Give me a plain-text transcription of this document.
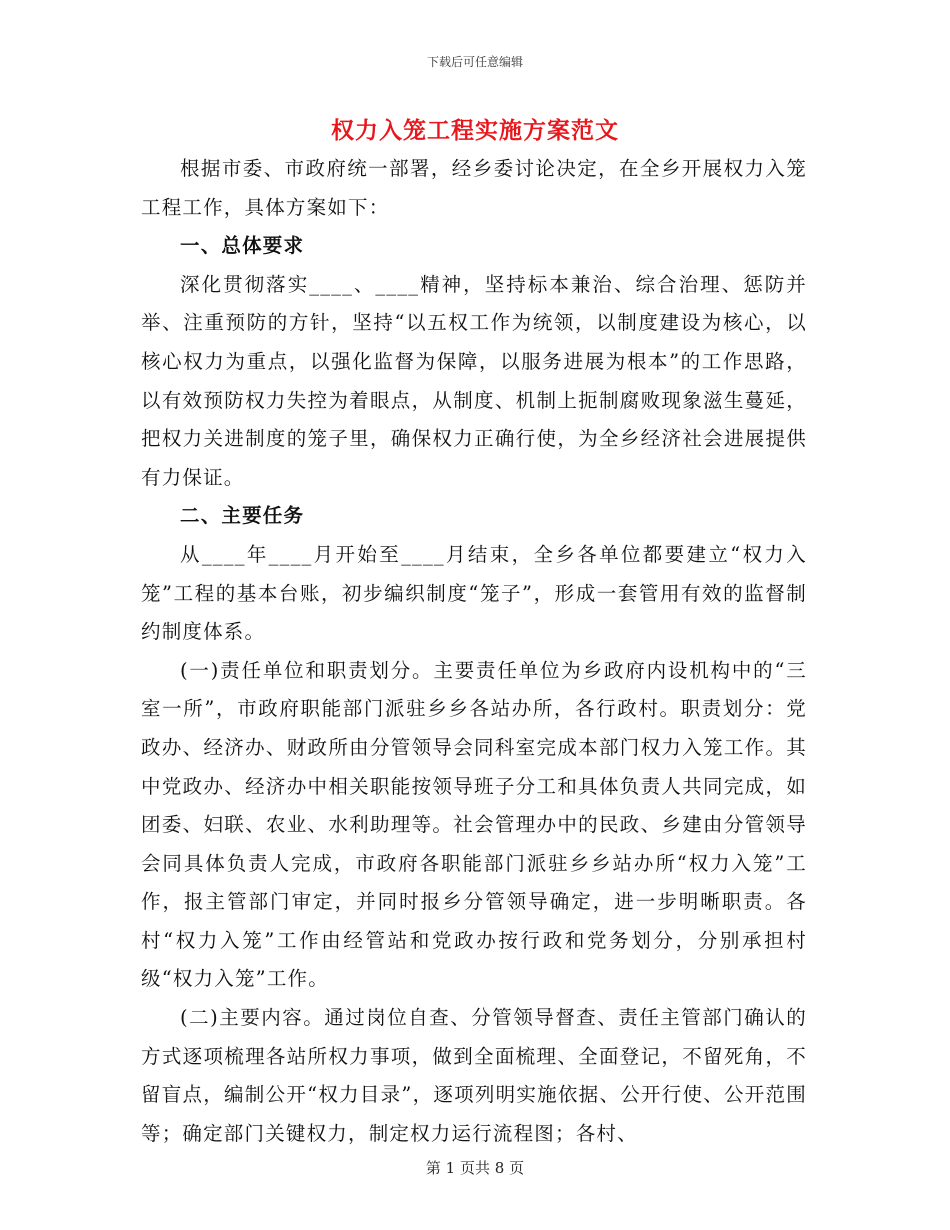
下载后可任意编辑
权力入笼工程实施方案范文

根据市委、市政府统一部署，经乡委讨论决定，在全乡开展权力入笼工程工作，具体方案如下：

一、总体要求

深化贯彻落实____、____精神，坚持标本兼治、综合治理、惩防并举、注重预防的方针，坚持“以五权工作为统领，以制度建设为核心，以核心权力为重点，以强化监督为保障，以服务进展为根本”的工作思路，以有效预防权力失控为着眼点，从制度、机制上扼制腐败现象滋生蔓延，把权力关进制度的笼子里，确保权力正确行使，为全乡经济社会进展提供有力保证。

二、主要任务

从____年____月开始至____月结束，全乡各单位都要建立“权力入笼”工程的基本台账，初步编织制度“笼子”，形成一套管用有效的监督制约制度体系。

(一)责任单位和职责划分。主要责任单位为乡政府内设机构中的“三室一所”，市政府职能部门派驻乡乡各站办所，各行政村。职责划分：党政办、经济办、财政所由分管领导会同科室完成本部门权力入笼工作。其中党政办、经济办中相关职能按领导班子分工和具体负责人共同完成，如团委、妇联、农业、水利助理等。社会管理办中的民政、乡建由分管领导会同具体负责人完成，市政府各职能部门派驻乡乡站办所“权力入笼”工作，报主管部门审定，并同时报乡分管领导确定，进一步明晰职责。各村“权力入笼”工作由经管站和党政办按行政和党务划分，分别承担村级“权力入笼”工作。

(二)主要内容。通过岗位自查、分管领导督查、责任主管部门确认的方式逐项梳理各站所权力事项，做到全面梳理、全面登记，不留死角，不留盲点，编制公开“权力目录”，逐项列明实施依据、公开行使、公开范围等；确定部门关键权力，制定权力运行流程图；各村、

第 1 页共 8 页
